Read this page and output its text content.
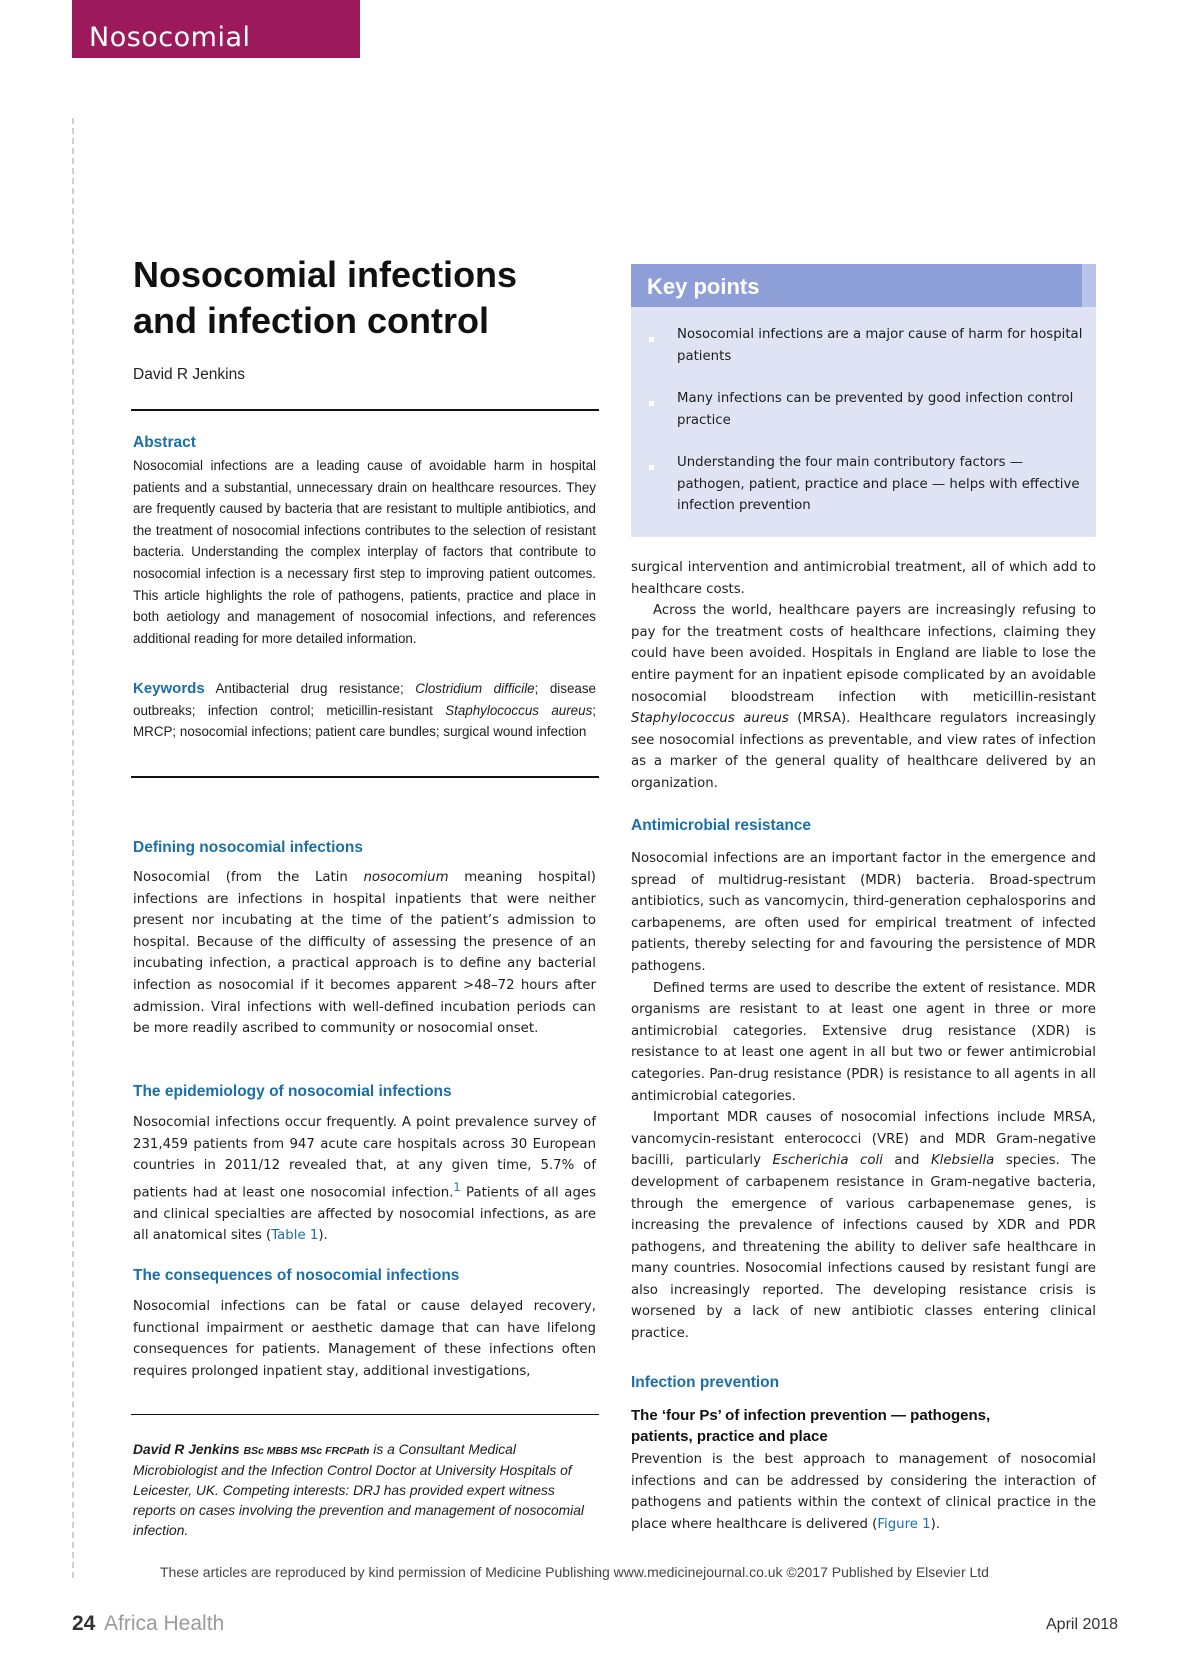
Nosocomial
Nosocomial infections
and infection control
David R Jenkins
Abstract
Nosocomial infections are a leading cause of avoidable harm in hospital patients and a substantial, unnecessary drain on healthcare resources. They are frequently caused by bacteria that are resistant to multiple antibiotics, and the treatment of nosocomial infections contributes to the selection of resistant bacteria. Understanding the complex interplay of factors that contribute to nosocomial infection is a necessary first step to improving patient outcomes. This article highlights the role of pathogens, patients, practice and place in both aetiology and management of nosocomial infections, and references additional reading for more detailed information.
Keywords Antibacterial drug resistance; Clostridium difficile; disease outbreaks; infection control; meticillin-resistant Staphylococcus aureus; MRCP; nosocomial infections; patient care bundles; surgical wound infection
Defining nosocomial infections

Nosocomial (from the Latin nosocomium meaning hospital) infections are infections in hospital inpatients that were neither present nor incubating at the time of the patient’s admission to hospital. Because of the difficulty of assessing the presence of an incubating infection, a practical approach is to define any bacterial infection as nosocomial if it becomes apparent >48–72 hours after admission. Viral infections with well-defined incubation periods can be more readily ascribed to community or nosocomial onset.

The epidemiology of nosocomial infections

Nosocomial infections occur frequently. A point prevalence survey of 231,459 patients from 947 acute care hospitals across 30 European countries in 2011/12 revealed that, at any given time, 5.7% of patients had at least one nosocomial infection.$^1$ Patients of all ages and clinical specialties are affected by nosocomial infections, as are all anatomical sites (Table 1).

The consequences of nosocomial infections

Nosocomial infections can be fatal or cause delayed recovery, functional impairment or aesthetic damage that can have lifelong consequences for patients. Management of these infections often requires prolonged inpatient stay, additional investigations,

David R Jenkins BSc MBBS MSc FRCPath is a Consultant Medical Microbiologist and the Infection Control Doctor at University Hospitals of Leicester, UK. Competing interests: DRJ has provided expert witness reports on cases involving the prevention and management of nosocomial infection.
Key points
Nosocomial infections are a major cause of harm for hospital patients
Many infections can be prevented by good infection control practice
Understanding the four main contributory factors — pathogen, patient, practice and place — helps with effective infection prevention

surgical intervention and antimicrobial treatment, all of which add to healthcare costs.

Across the world, healthcare payers are increasingly refusing to pay for the treatment costs of healthcare infections, claiming they could have been avoided. Hospitals in England are liable to lose the entire payment for an inpatient episode complicated by an avoidable nosocomial bloodstream infection with meticillin-resistant Staphylococcus aureus (MRSA). Healthcare regulators increasingly see nosocomial infections as preventable, and view rates of infection as a marker of the general quality of healthcare delivered by an organization.

Antimicrobial resistance

Nosocomial infections are an important factor in the emergence and spread of multidrug-resistant (MDR) bacteria. Broad-spectrum antibiotics, such as vancomycin, third-generation cephalosporins and carbapenems, are often used for empirical treatment of infected patients, thereby selecting for and favouring the persistence of MDR pathogens.

Defined terms are used to describe the extent of resistance. MDR organisms are resistant to at least one agent in three or more antimicrobial categories. Extensive drug resistance (XDR) is resistance to at least one agent in all but two or fewer antimicrobial categories. Pan-drug resistance (PDR) is resistance to all agents in all antimicrobial categories.

Important MDR causes of nosocomial infections include MRSA, vancomycin-resistant enterococci (VRE) and MDR Gram-negative bacilli, particularly Escherichia coli and Klebsiella species. The development of carbapenem resistance in Gram-negative bacteria, through the emergence of various carbapenemase genes, is increasing the prevalence of infections caused by XDR and PDR pathogens, and threatening the ability to deliver safe healthcare in many countries. Nosocomial infections caused by resistant fungi are also increasingly reported. The developing resistance crisis is worsened by a lack of new antibiotic classes entering clinical practice.

Infection prevention
The ‘four Ps’ of infection prevention — pathogens,
patients, practice and place

Prevention is the best approach to management of nosocomial infections and can be addressed by considering the interaction of pathogens and patients within the context of clinical practice in the place where healthcare is delivered (Figure 1).

These articles are reproduced by kind permission of Medicine Publishing www.medicinejournal.co.uk ©2017 Published by Elsevier Ltd
24 Africa Health	April 2018
